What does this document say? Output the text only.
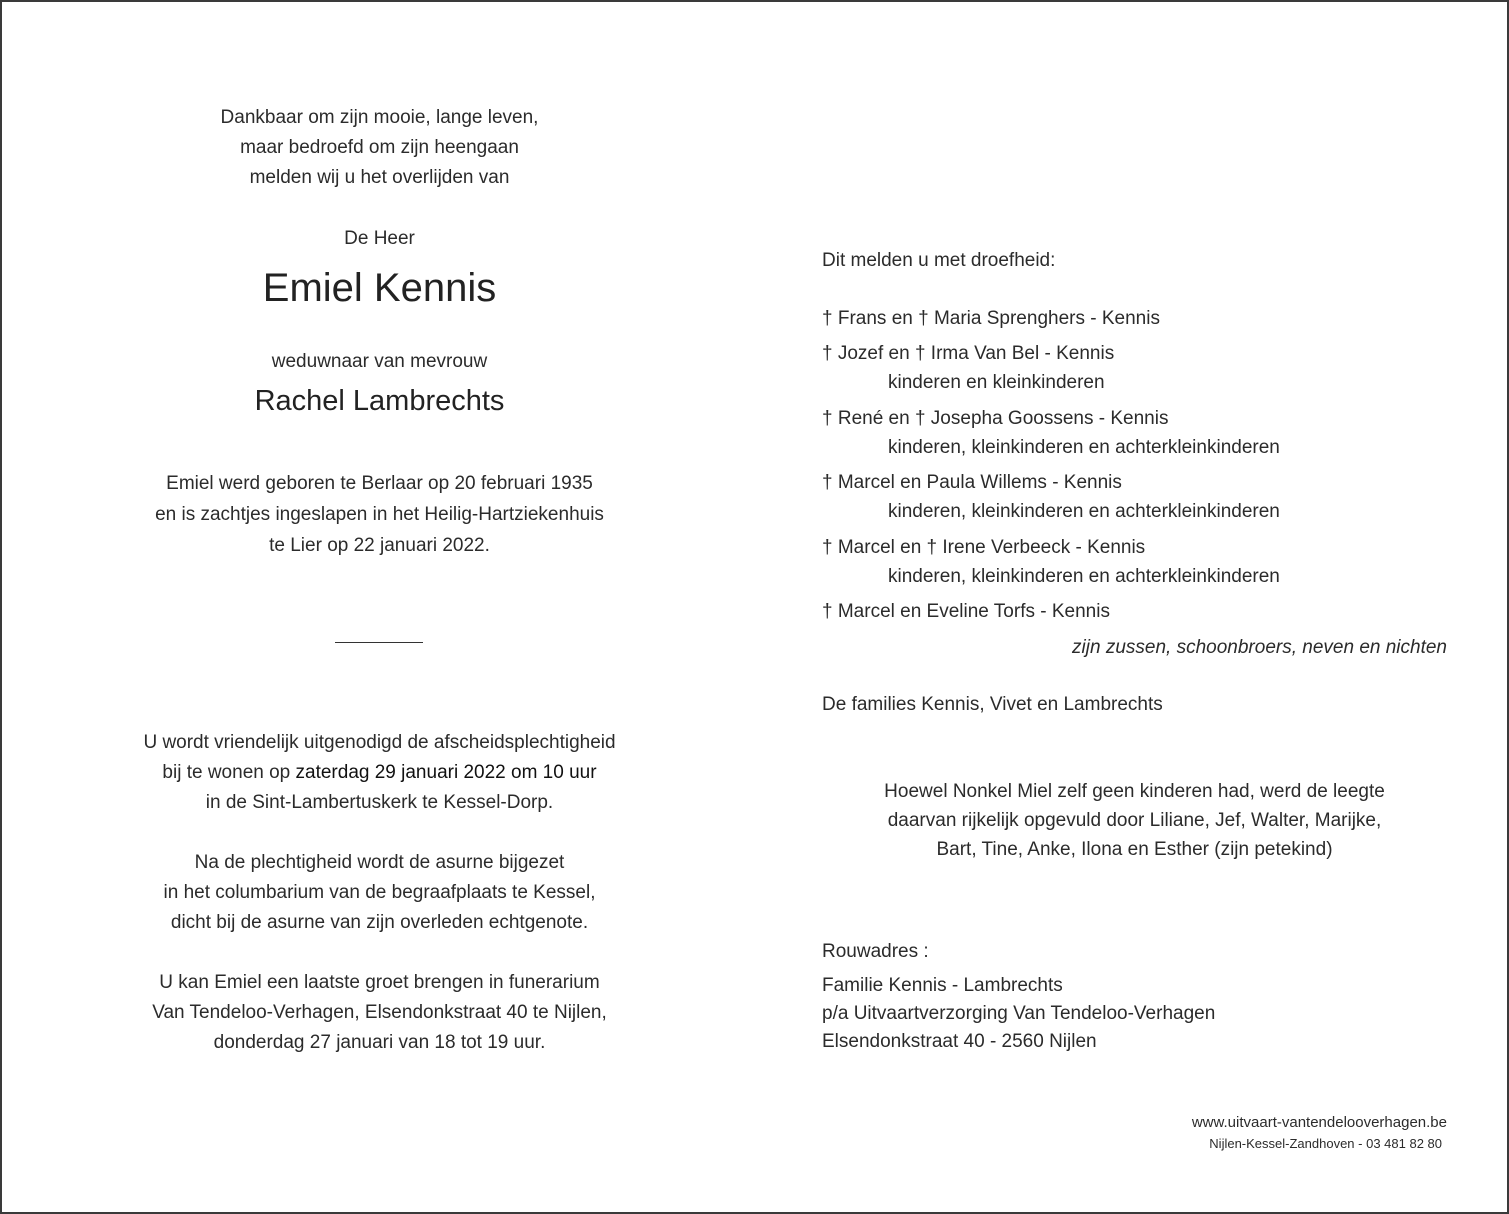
Dankbaar om zijn mooie, lange leven,
maar bedroefd om zijn heengaan
melden wij u het overlijden van
De Heer
Emiel Kennis
weduwnaar van mevrouw
Rachel Lambrechts
Emiel werd geboren te Berlaar op 20 februari 1935
en is zachtjes ingeslapen in het Heilig-Hartziekenhuis
te Lier op 22 januari 2022.
U wordt vriendelijk uitgenodigd de afscheidsplechtigheid
bij te wonen op zaterdag 29 januari 2022 om 10 uur
in de Sint-Lambertuskerk te Kessel-Dorp.
Na de plechtigheid wordt de asurne bijgezet
in het columbarium van de begraafplaats te Kessel,
dicht bij de asurne van zijn overleden echtgenote.
U kan Emiel een laatste groet brengen in funerarium
Van Tendeloo-Verhagen, Elsendonkstraat 40 te Nijlen,
donderdag 27 januari van 18 tot 19 uur.
Dit melden u met droefheid:
† Frans en † Maria Sprenghers - Kennis
† Jozef en † Irma Van Bel - Kennis
kinderen en kleinkinderen
† René en † Josepha Goossens - Kennis
kinderen, kleinkinderen en achterkleinkinderen
† Marcel en Paula Willems - Kennis
kinderen, kleinkinderen en achterkleinkinderen
† Marcel en † Irene Verbeeck - Kennis
kinderen, kleinkinderen en achterkleinkinderen
† Marcel en Eveline Torfs - Kennis
zijn zussen, schoonbroers, neven en nichten
De families Kennis, Vivet en Lambrechts
Hoewel Nonkel Miel zelf geen kinderen had, werd de leegte
daarvan rijkelijk opgevuld door Liliane, Jef, Walter, Marijke,
Bart, Tine, Anke, Ilona en Esther (zijn petekind)
Rouwadres :
Familie Kennis - Lambrechts
p/a Uitvaartverzorging Van Tendeloo-Verhagen
Elsendonkstraat 40 - 2560 Nijlen
www.uitvaart-vantendelooverhagen.be
Nijlen-Kessel-Zandhoven - 03 481 82 80
